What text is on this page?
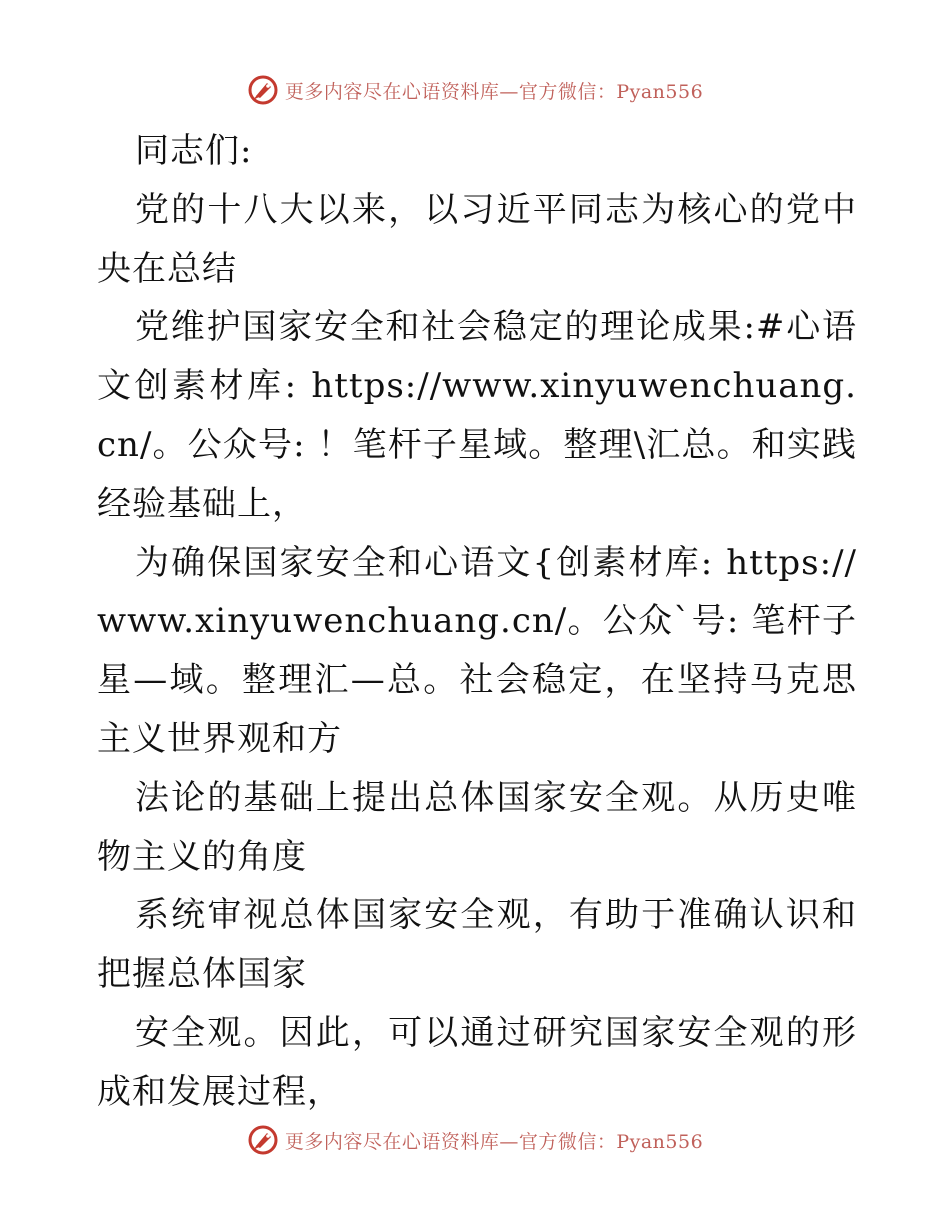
更多内容尽在心语资料库—官方微信：Pyan556

同志们:

党的十八大以来，以习近平同志为核心的党中央在总结

党维护国家安全和社会稳定的理论成果:#心语文创素材库: https://www.xinyuwenchuang.cn/。公众号: ！笔杆子星域。整理\汇总。和实践经验基础上，

为确保国家安全和心语文{创素材库: https://www.xinyuwenchuang.cn/。公众`号: 笔杆子星—域。整理汇—总。社会稳定，在坚持马克思主义世界观和方

法论的基础上提出总体国家安全观。从历史唯物主义的角度

系统审视总体国家安全观，有助于准确认识和把握总体国家

安全观。因此，可以通过研究国家安全观的形成和发展过程，

更多内容尽在心语资料库—官方微信：Pyan556
